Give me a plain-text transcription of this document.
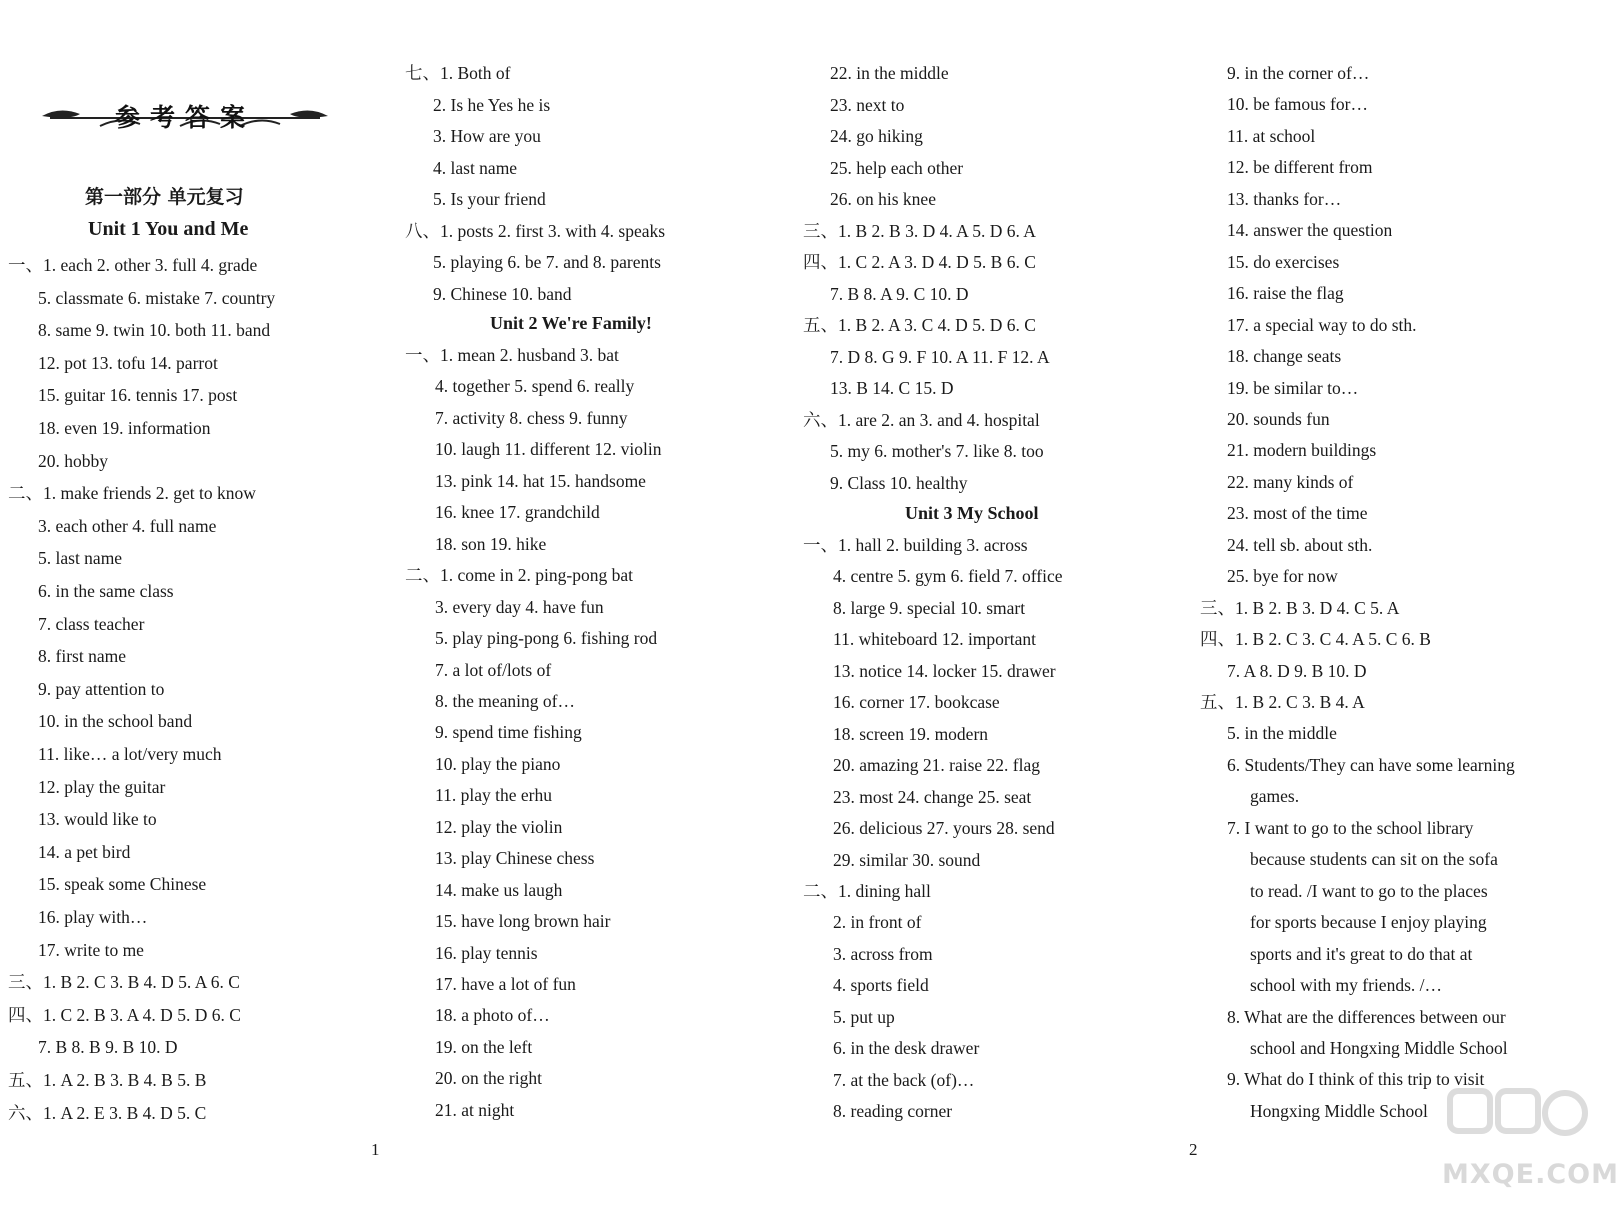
参考答案
第一部分 单元复习
Unit 1 You and Me
一、1. each 2. other 3. full 4. grade
5. classmate 6. mistake 7. country
8. same 9. twin 10. both 11. band
12. pot 13. tofu 14. parrot
15. guitar 16. tennis 17. post
18. even 19. information
20. hobby
二、1. make friends 2. get to know
3. each other 4. full name
5. last name
6. in the same class
7. class teacher
8. first name
9. pay attention to
10. in the school band
11. like… a lot/very much
12. play the guitar
13. would like to
14. a pet bird
15. speak some Chinese
16. play with…
17. write to me
三、1. B 2. C 3. B 4. D 5. A 6. C
四、1. C 2. B 3. A 4. D 5. D 6. C
7. B 8. B 9. B 10. D
五、1. A 2. B 3. B 4. B 5. B
六、1. A 2. E 3. B 4. D 5. C
七、1. Both of
2. Is he Yes he is
3. How are you
4. last name
5. Is your friend
八、1. posts 2. first 3. with 4. speaks
5. playing 6. be 7. and 8. parents
9. Chinese 10. band
一、1. mean 2. husband 3. bat
4. together 5. spend 6. really
7. activity 8. chess 9. funny
10. laugh 11. different 12. violin
13. pink 14. hat 15. handsome
16. knee 17. grandchild
18. son 19. hike
二、1. come in 2. ping-pong bat
3. every day 4. have fun
5. play ping-pong 6. fishing rod
7. a lot of/lots of
8. the meaning of…
9. spend time fishing
10. play the piano
11. play the erhu
12. play the violin
13. play Chinese chess
14. make us laugh
15. have long brown hair
16. play tennis
17. have a lot of fun
18. a photo of…
19. on the left
20. on the right
21. at night
Unit 2 We're Family!
22. in the middle
23. next to
24. go hiking
25. help each other
26. on his knee
三、1. B 2. B 3. D 4. A 5. D 6. A
四、1. C 2. A 3. D 4. D 5. B 6. C
7. B 8. A 9. C 10. D
五、1. B 2. A 3. C 4. D 5. D 6. C
7. D 8. G 9. F 10. A 11. F 12. A
13. B 14. C 15. D
六、1. are 2. an 3. and 4. hospital
5. my 6. mother's 7. like 8. too
9. Class 10. healthy
一、1. hall 2. building 3. across
4. centre 5. gym 6. field 7. office
8. large 9. special 10. smart
11. whiteboard 12. important
13. notice 14. locker 15. drawer
16. corner 17. bookcase
18. screen 19. modern
20. amazing 21. raise 22. flag
23. most 24. change 25. seat
26. delicious 27. yours 28. send
29. similar 30. sound
二、1. dining hall
2. in front of
3. across from
4. sports field
5. put up
6. in the desk drawer
7. at the back (of)…
8. reading corner
Unit 3 My School
9. in the corner of…
10. be famous for…
11. at school
12. be different from
13. thanks for…
14. answer the question
15. do exercises
16. raise the flag
17. a special way to do sth.
18. change seats
19. be similar to…
20. sounds fun
21. modern buildings
22. many kinds of
23. most of the time
24. tell sb. about sth.
25. bye for now
三、1. B 2. B 3. D 4. C 5. A
四、1. B 2. C 3. C 4. A 5. C 6. B
7. A 8. D 9. B 10. D
五、1. B 2. C 3. B 4. A
5. in the middle
6. Students/They can have some learning
games.
7. I want to go to the school library
because students can sit on the sofa
to read. /I want to go to the places
for sports because I enjoy playing
sports and it's great to do that at
school with my friends. /…
8. What are the differences between our
school and Hongxing Middle School
9. What do I think of this trip to visit
Hongxing Middle School
1	2
MXQE.COM
